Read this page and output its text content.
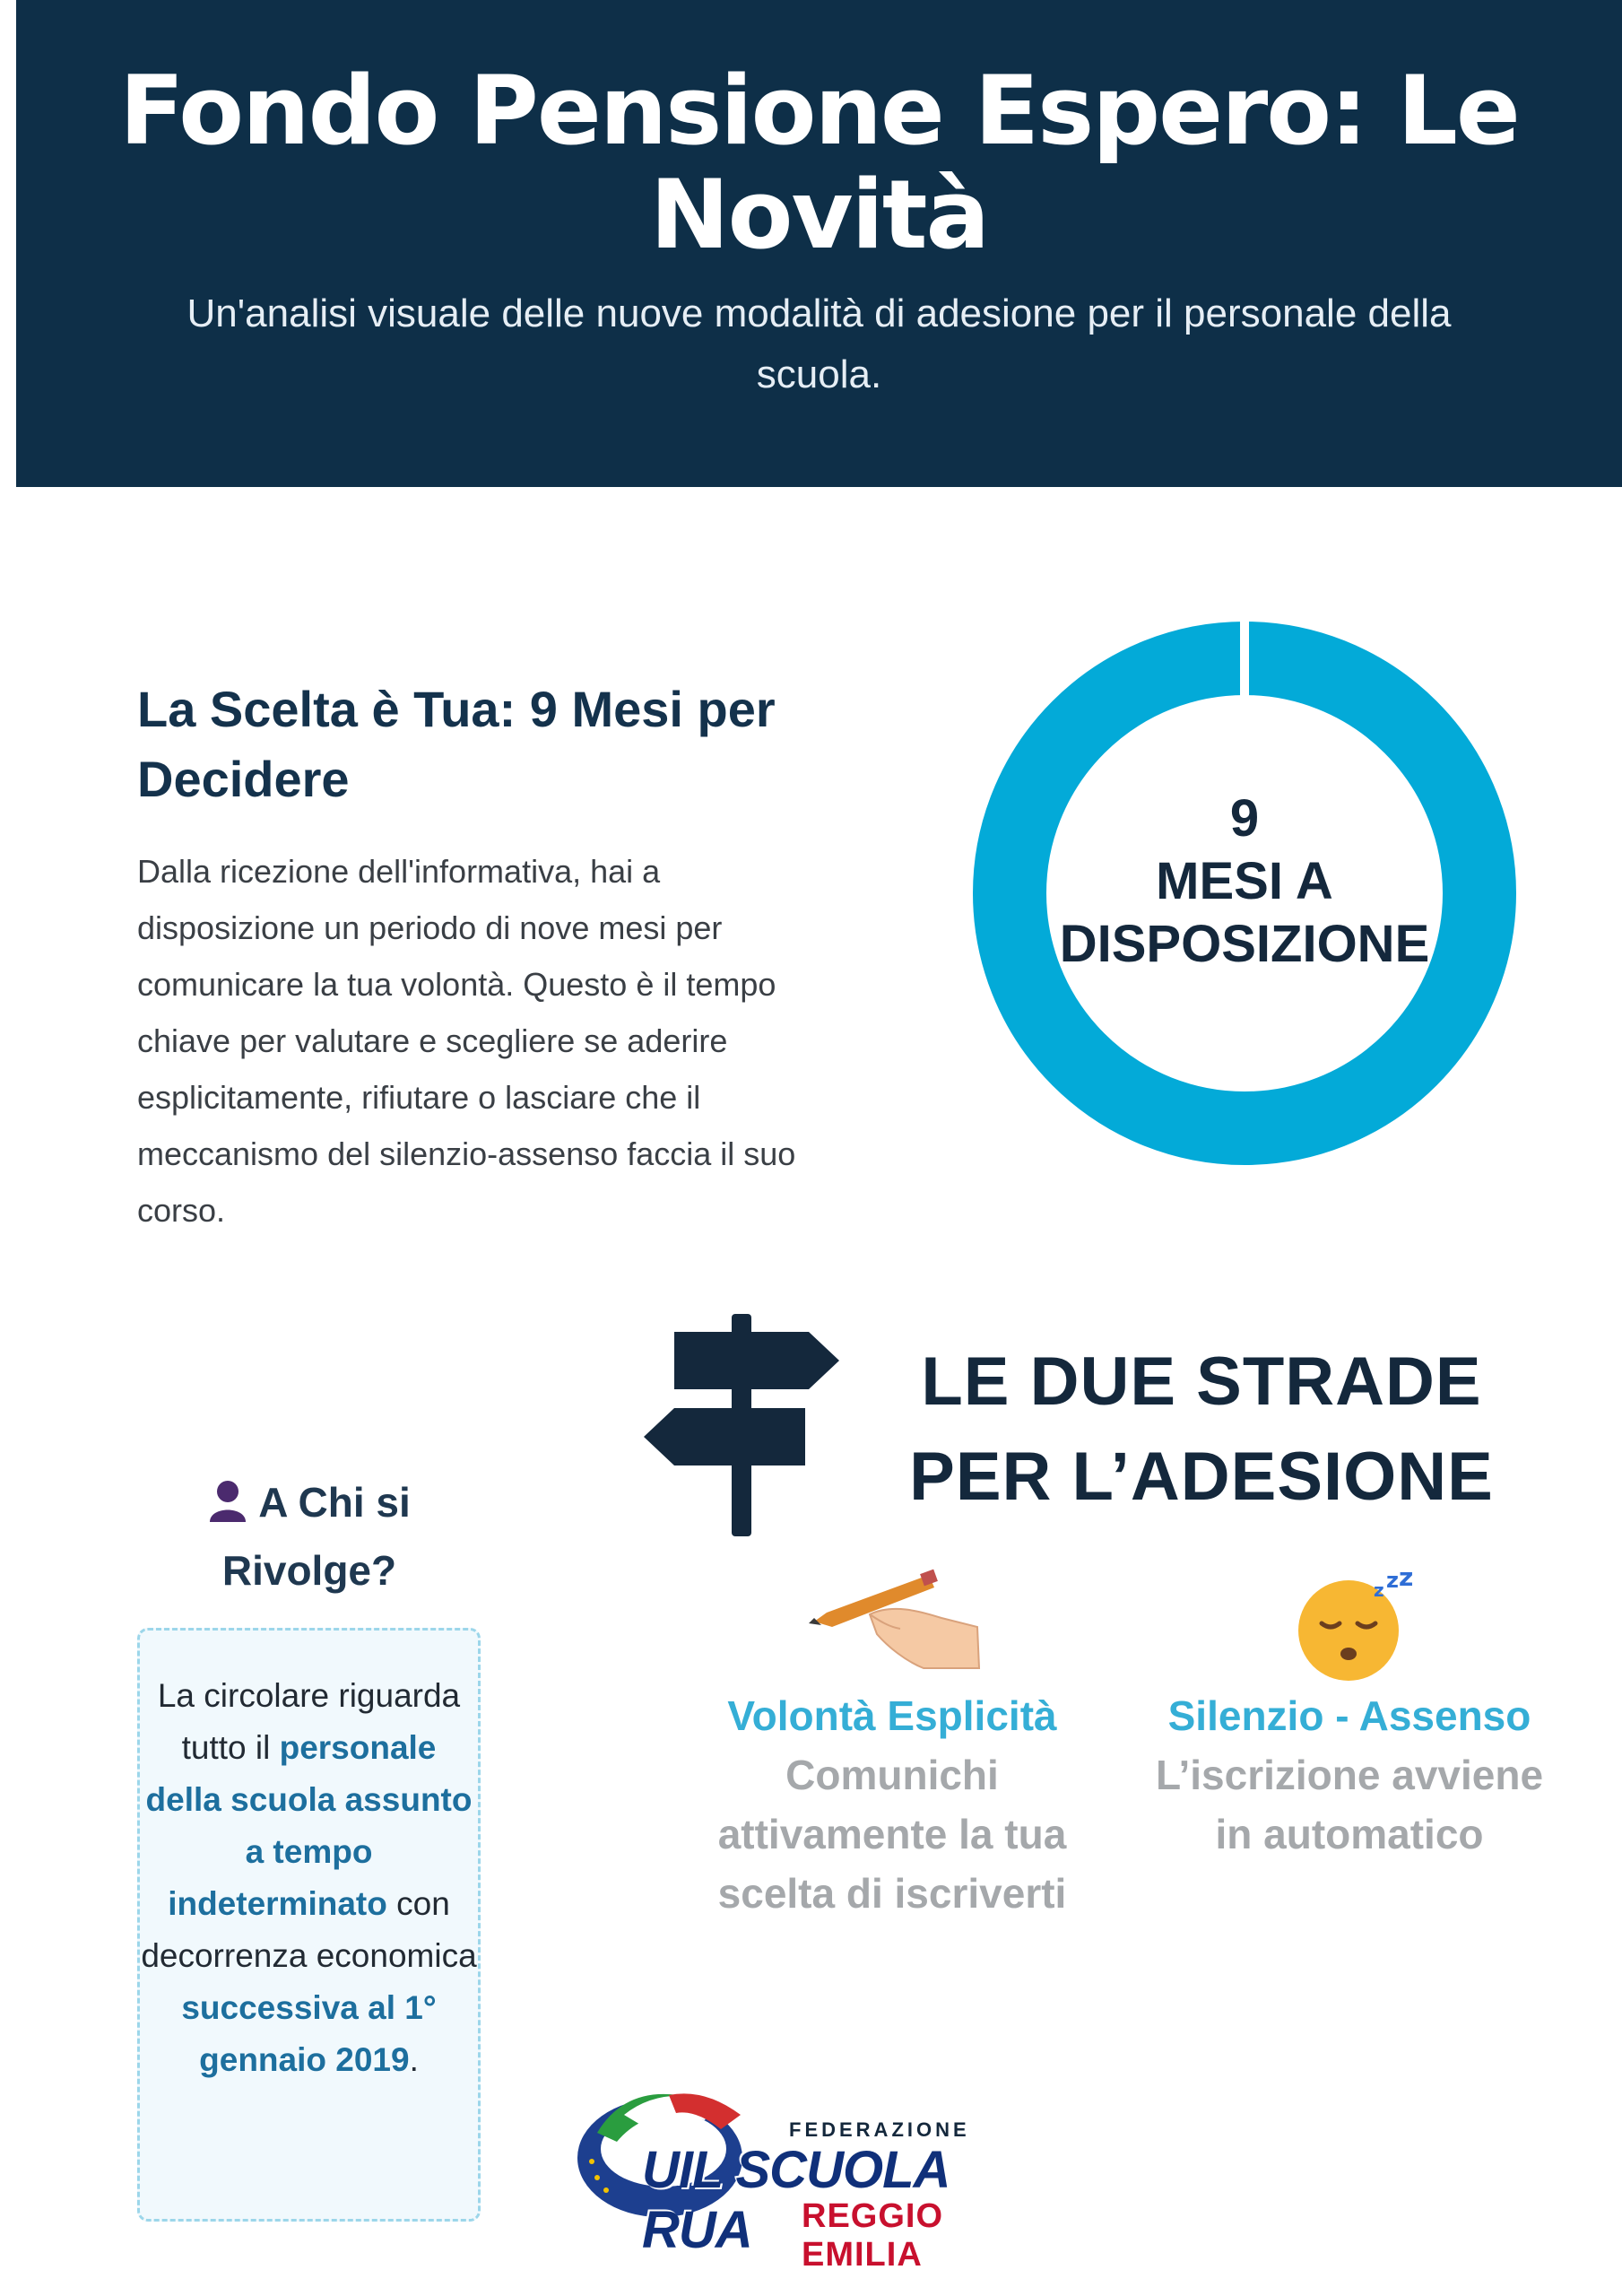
Fondo Pensione Espero: Le Novità
Un'analisi visuale delle nuove modalità di adesione per il personale della scuola.
La Scelta è Tua: 9 Mesi per Decidere
Dalla ricezione dell'informativa, hai a disposizione un periodo di nove mesi per comunicare la tua volontà. Questo è il tempo chiave per valutare e scegliere se aderire esplicitamente, rifiutare o lasciare che il meccanismo del silenzio-assenso faccia il suo corso.
9
MESI A DISPOSIZIONE
LE DUE STRADE
PER L’ADESIONE
A Chi si Rivolge?
La circolare riguarda tutto il personale della scuola assunto a tempo indeterminato con decorrenza economica successiva al 1° gennaio 2019.
z z z
Volontà Esplicità
Comunichi attivamente la tua scelta di iscriverti
Silenzio - Assenso
L’iscrizione avviene in automatico
FEDERAZIONE
UIL SCUOLA RUA	REGGIO EMILIA
